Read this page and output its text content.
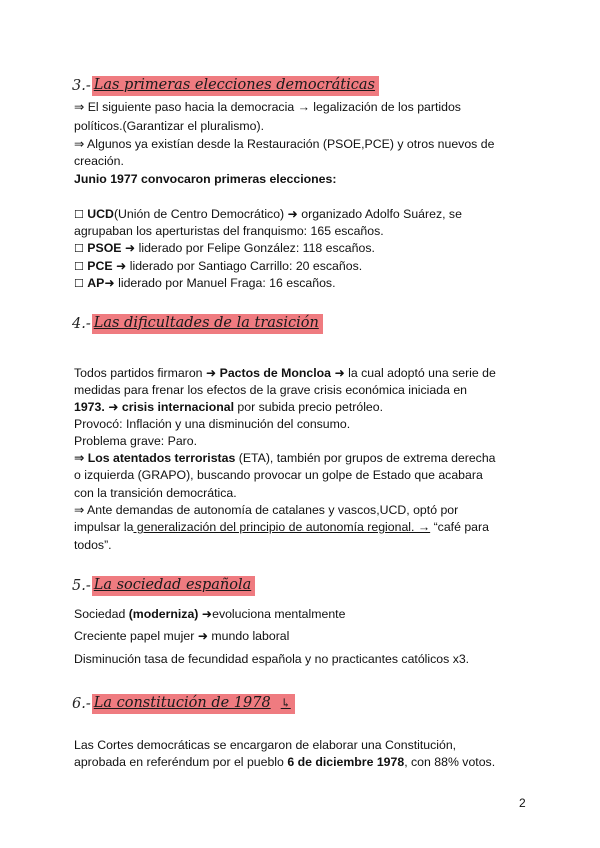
3.- Las primeras elecciones democráticas
⇒ El siguiente paso hacia la democracia → legalización de los partidos
políticos.(Garantizar el pluralismo).
⇒ Algunos ya existían desde la Restauración (PSOE,PCE) y otros nuevos de
creación.
Junio 1977 convocaron primeras elecciones:
☐ UCD(Unión de Centro Democrático) ➜ organizado Adolfo Suárez, se
agrupaban los aperturistas del franquismo: 165 escaños.
☐ PSOE ➜ liderado por Felipe González: 118 escaños.
☐ PCE ➜ liderado por Santiago Carrillo: 20 escaños.
☐ AP➜ liderado por Manuel Fraga: 16 escaños.
4.- Las dificultades de la trasición
Todos partidos firmaron ➜ Pactos de Moncloa ➜ la cual adoptó una serie de
medidas para frenar los efectos de la grave crisis económica iniciada en
1973. ➜ crisis internacional por subida precio petróleo.
Provocó: Inflación y una disminución del consumo.
Problema grave: Paro.
⇒ Los atentados terroristas (ETA), también por grupos de extrema derecha
o izquierda (GRAPO), buscando provocar un golpe de Estado que acabara
con la transición democrática.
⇒ Ante demandas de autonomía de catalanes y vascos,UCD, optó por
impulsar la generalización del principio de autonomía regional. → “café para
todos”.
5.- La sociedad española
Sociedad (moderniza) ➜evoluciona mentalmente
Creciente papel mujer ➜ mundo laboral
Disminución tasa de fecundidad española y no practicantes católicos x3.
6.- La constitución de 1978 ↳
Las Cortes democráticas se encargaron de elaborar una Constitución,
aprobada en referéndum por el pueblo 6 de diciembre 1978, con 88% votos.
2
